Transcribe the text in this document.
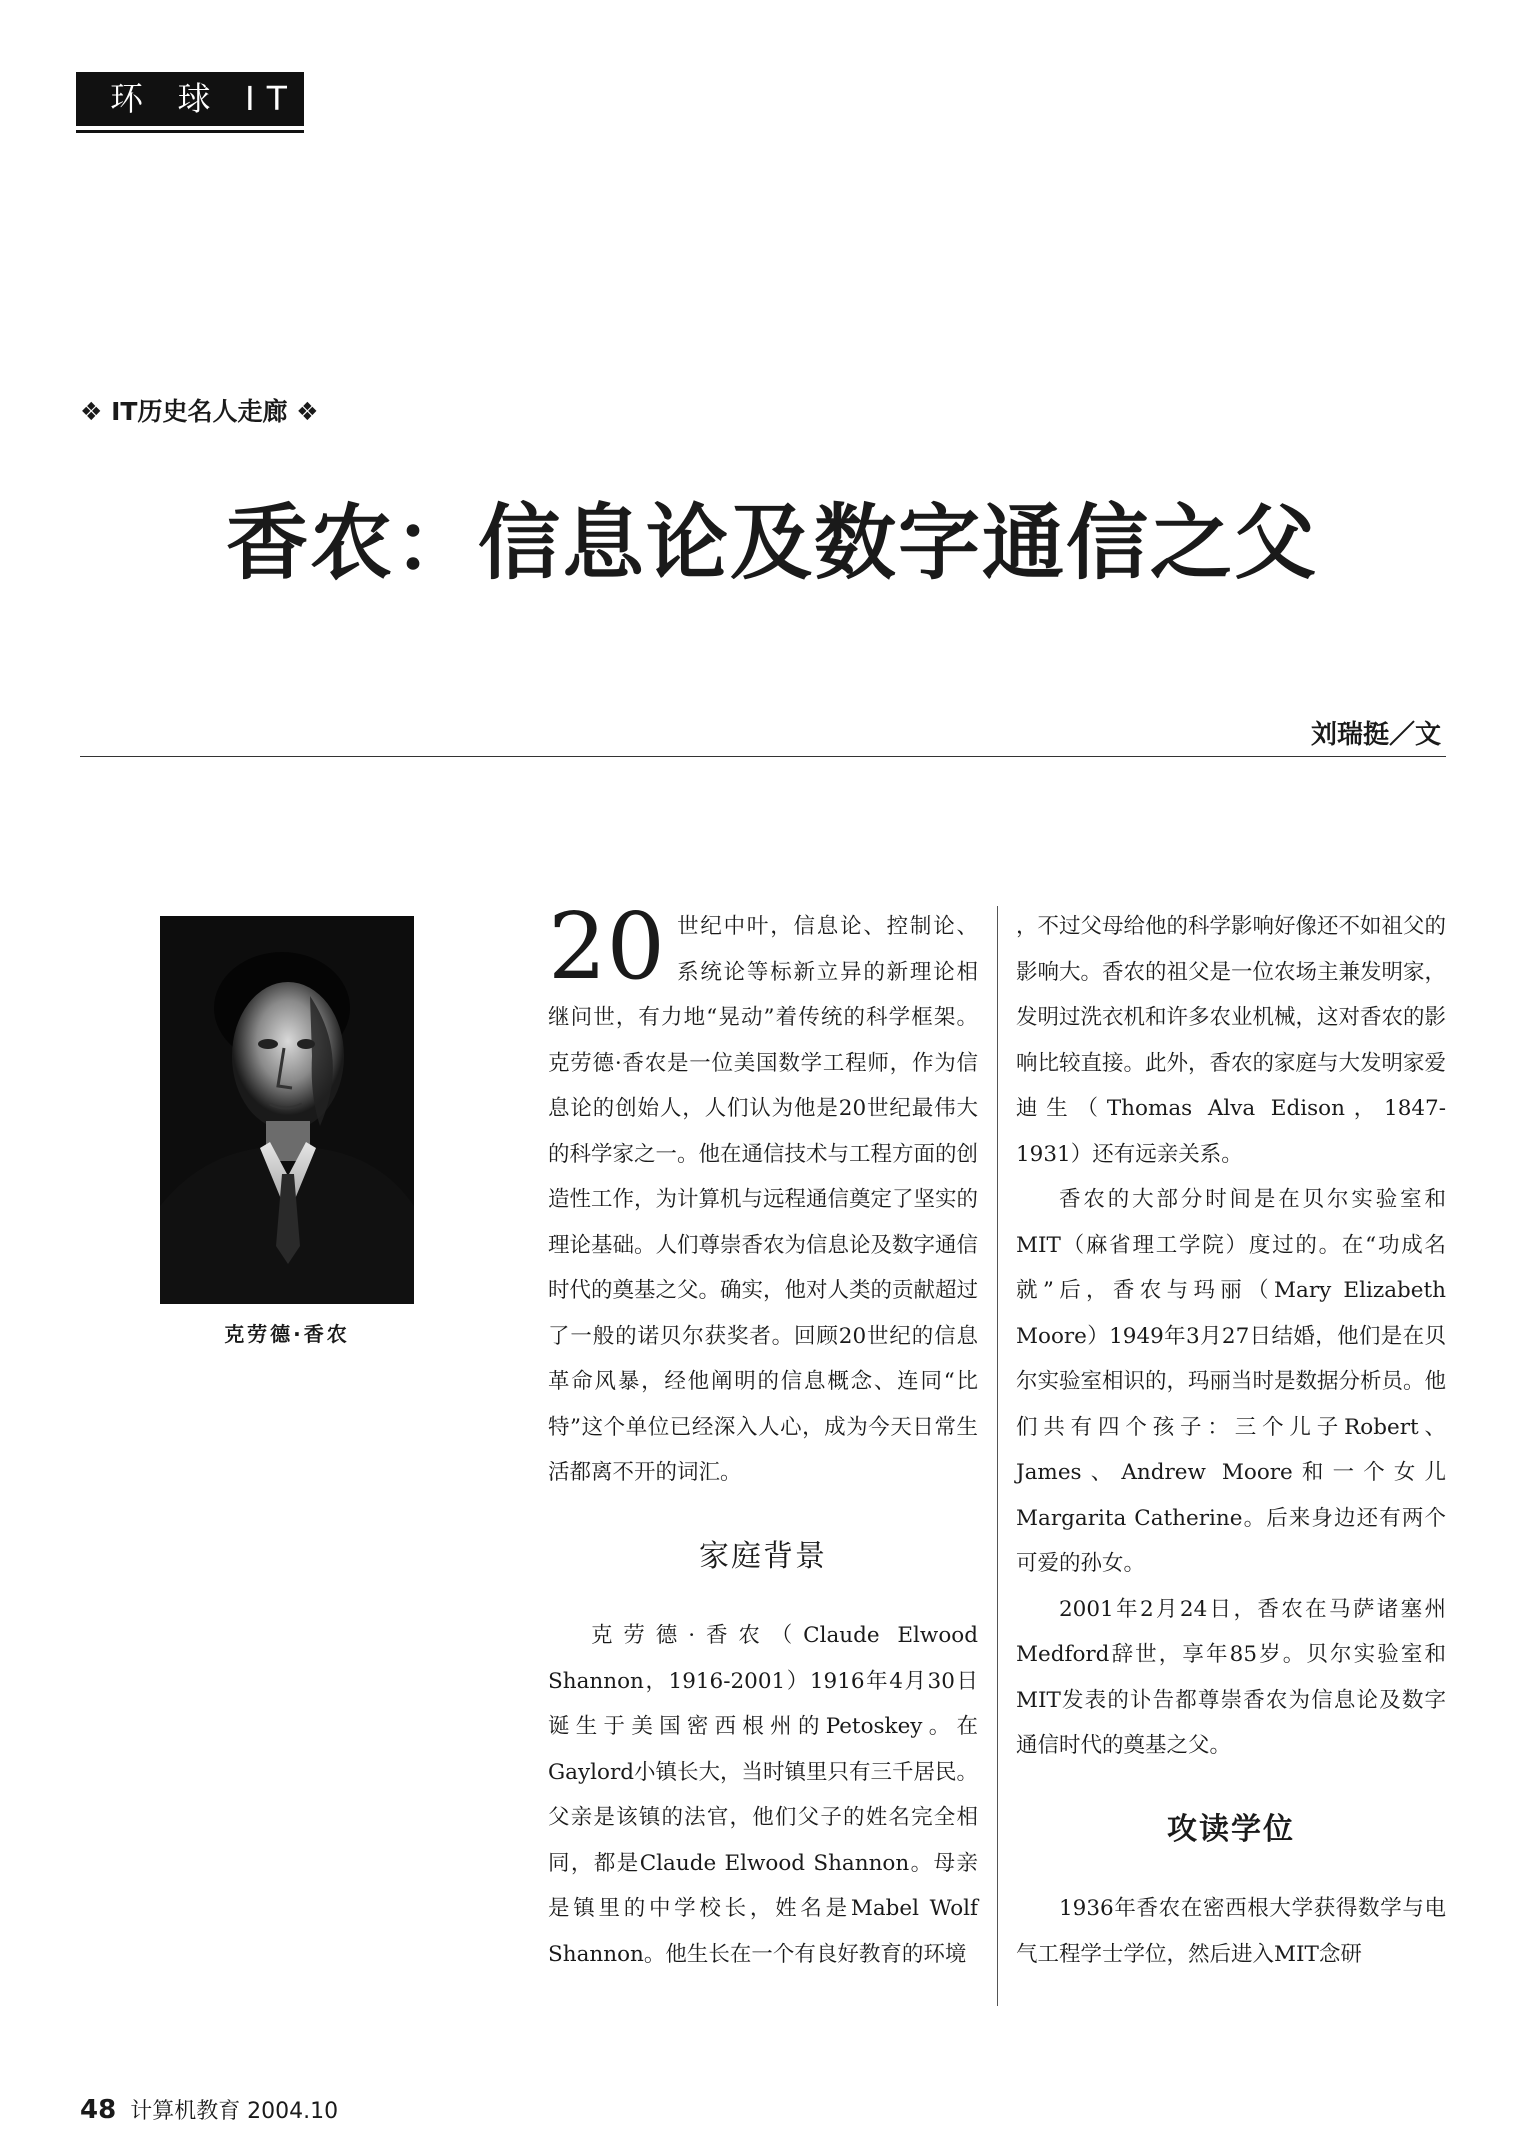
环 球 IT
❖ IT历史名人走廊 ❖
香农：信息论及数字通信之父
刘瑞挺／文
克劳德·香农

20 世纪中叶，信息论、控制论、系统论等标新立异的新理论相继问世，有力地“晃动”着传统的科学框架。克劳德·香农是一位美国数学工程师，作为信息论的创始人，人们认为他是20世纪最伟大的科学家之一。他在通信技术与工程方面的创造性工作，为计算机与远程通信奠定了坚实的理论基础。人们尊崇香农为信息论及数字通信时代的奠基之父。确实，他对人类的贡献超过了一般的诺贝尔获奖者。回顾20世纪的信息革命风暴，经他阐明的信息概念、连同“比特”这个单位已经深入人心，成为今天日常生活都离不开的词汇。

家庭背景

克劳德·香农（Claude Elwood Shannon，1916-2001）1916年4月30日诞生于美国密西根州的Petoskey。在Gaylord小镇长大，当时镇里只有三千居民。父亲是该镇的法官，他们父子的姓名完全相同，都是Claude Elwood Shannon。母亲是镇里的中学校长，姓名是Mabel Wolf Shannon。他生长在一个有良好教育的环境

，不过父母给他的科学影响好像还不如祖父的影响大。香农的祖父是一位农场主兼发明家，发明过洗衣机和许多农业机械，这对香农的影响比较直接。此外，香农的家庭与大发明家爱迪生（Thomas Alva Edison，1847-1931）还有远亲关系。

香农的大部分时间是在贝尔实验室和MIT（麻省理工学院）度过的。在“功成名就”后，香农与玛丽（Mary Elizabeth Moore）1949年3月27日结婚，他们是在贝尔实验室相识的，玛丽当时是数据分析员。他们共有四个孩子：三个儿子Robert、James、Andrew Moore和一个女儿Margarita Catherine。后来身边还有两个可爱的孙女。

2001年2月24日，香农在马萨诸塞州Medford辞世，享年85岁。贝尔实验室和MIT发表的讣告都尊崇香农为信息论及数字通信时代的奠基之父。

攻读学位

1936年香农在密西根大学获得数学与电气工程学士学位，然后进入MIT念研

48 计算机教育 2004.10
